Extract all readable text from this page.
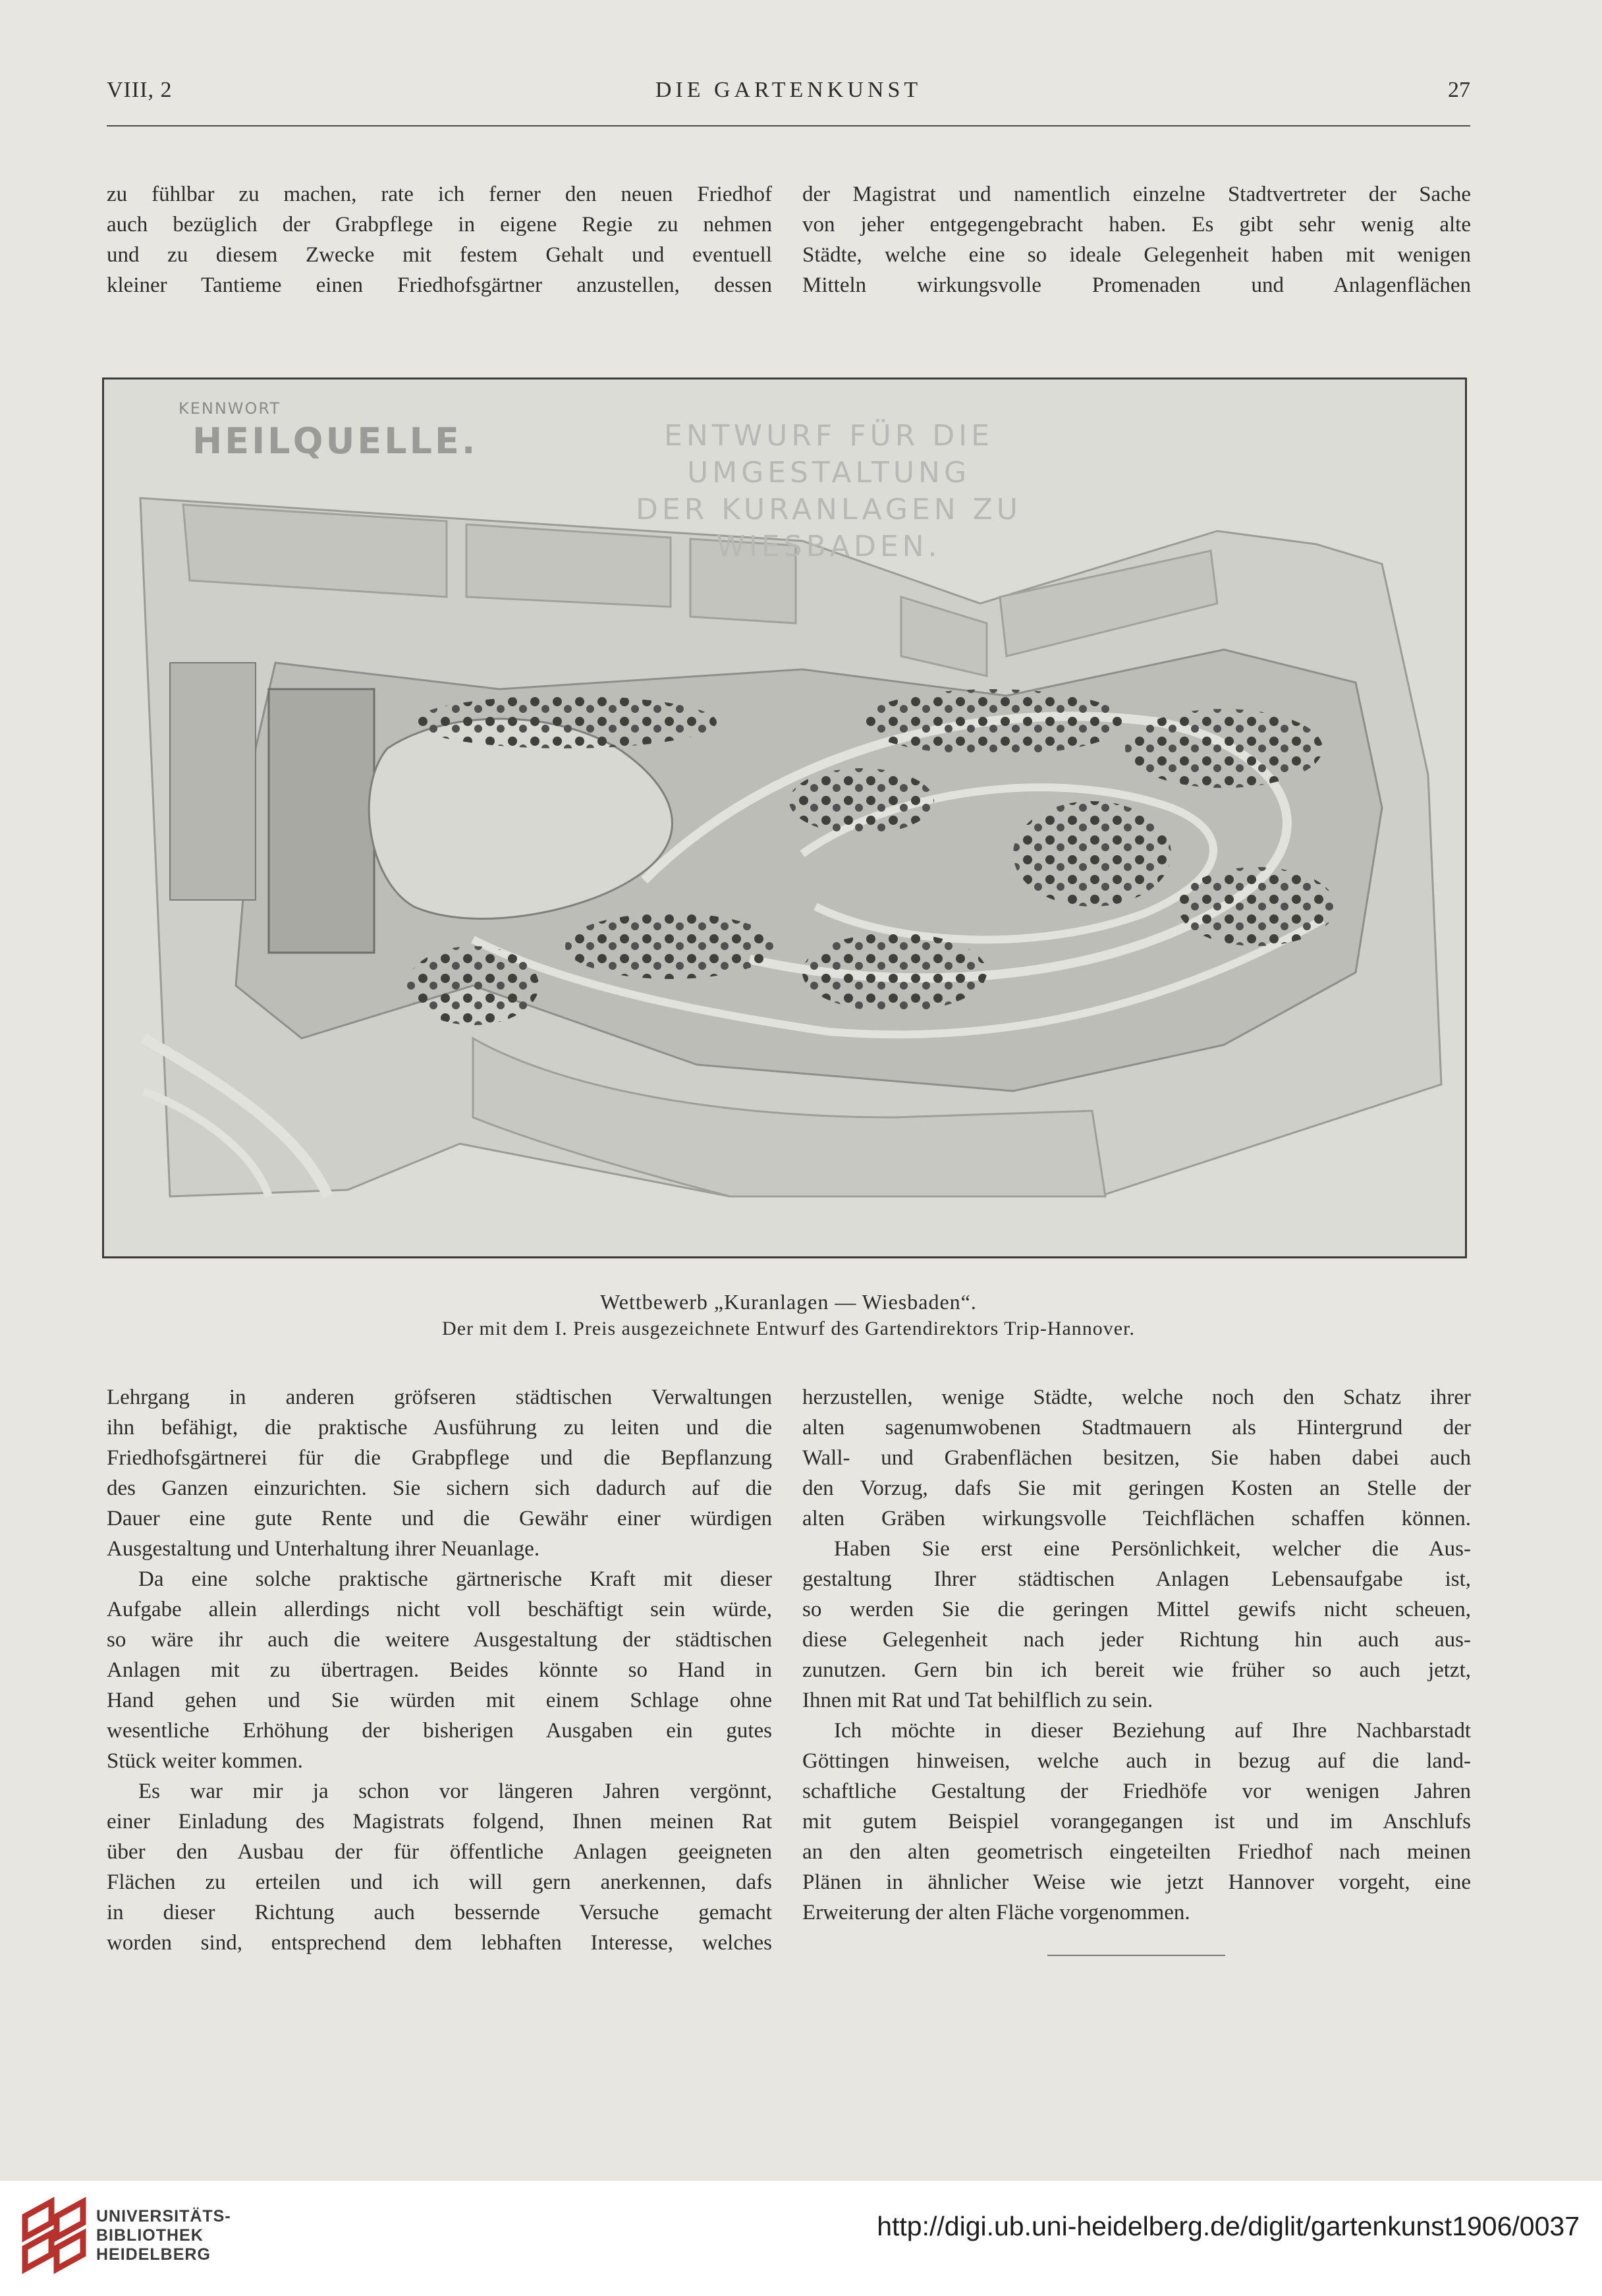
VIII, 2	DIE GARTENKUNST	27
zu fühlbar zu machen, rate ich ferner den neuen Friedhof
auch bezüglich der Grabpflege in eigene Regie zu nehmen
und zu diesem Zwecke mit festem Gehalt und eventuell
kleiner Tantieme einen Friedhofsgärtner anzustellen, dessen
der Magistrat und namentlich einzelne Stadtvertreter der Sache
von jeher entgegengebracht haben. Es gibt sehr wenig alte
Städte, welche eine so ideale Gelegenheit haben mit wenigen
Mitteln wirkungsvolle Promenaden und Anlagenflächen
KENNWORT
HEILQUELLE.	ENTWURF FÜR DIE UMGESTALTUNG
DER KURANLAGEN ZU
WIESBADEN.
Wettbewerb „Kuranlagen — Wiesbaden“.
Der mit dem I. Preis ausgezeichnete Entwurf des Gartendirektors Trip-Hannover.

Lehrgang in anderen gröfseren städtischen Verwaltungen
ihn befähigt, die praktische Ausführung zu leiten und die
Friedhofsgärtnerei für die Grabpflege und die Bepflanzung
des Ganzen einzurichten. Sie sichern sich dadurch auf die
Dauer eine gute Rente und die Gewähr einer würdigen
Ausgestaltung und Unterhaltung ihrer Neuanlage.

Da eine solche praktische gärtnerische Kraft mit dieser
Aufgabe allein allerdings nicht voll beschäftigt sein würde,
so wäre ihr auch die weitere Ausgestaltung der städtischen
Anlagen mit zu übertragen. Beides könnte so Hand in
Hand gehen und Sie würden mit einem Schlage ohne
wesentliche Erhöhung der bisherigen Ausgaben ein gutes
Stück weiter kommen.

Es war mir ja schon vor längeren Jahren vergönnt,
einer Einladung des Magistrats folgend, Ihnen meinen Rat
über den Ausbau der für öffentliche Anlagen geeigneten
Flächen zu erteilen und ich will gern anerkennen, dafs
in dieser Richtung auch bessernde Versuche gemacht
worden sind, entsprechend dem lebhaften Interesse, welches

herzustellen, wenige Städte, welche noch den Schatz ihrer
alten sagenumwobenen Stadtmauern als Hintergrund der
Wall- und Grabenflächen besitzen, Sie haben dabei auch
den Vorzug, dafs Sie mit geringen Kosten an Stelle der
alten Gräben wirkungsvolle Teichflächen schaffen können.

Haben Sie erst eine Persönlichkeit, welcher die Aus-
gestaltung Ihrer städtischen Anlagen Lebensaufgabe ist,
so werden Sie die geringen Mittel gewifs nicht scheuen,
diese Gelegenheit nach jeder Richtung hin auch aus-
zunutzen. Gern bin ich bereit wie früher so auch jetzt,
Ihnen mit Rat und Tat behilflich zu sein.

Ich möchte in dieser Beziehung auf Ihre Nachbarstadt
Göttingen hinweisen, welche auch in bezug auf die land-
schaftliche Gestaltung der Friedhöfe vor wenigen Jahren
mit gutem Beispiel vorangegangen ist und im Anschlufs
an den alten geometrisch eingeteilten Friedhof nach meinen
Plänen in ähnlicher Weise wie jetzt Hannover vorgeht, eine
Erweiterung der alten Fläche vorgenommen.

UNIVERSITÄTS-
BIBLIOTHEK
HEIDELBERG
http://digi.ub.uni-heidelberg.de/diglit/gartenkunst1906/0037
